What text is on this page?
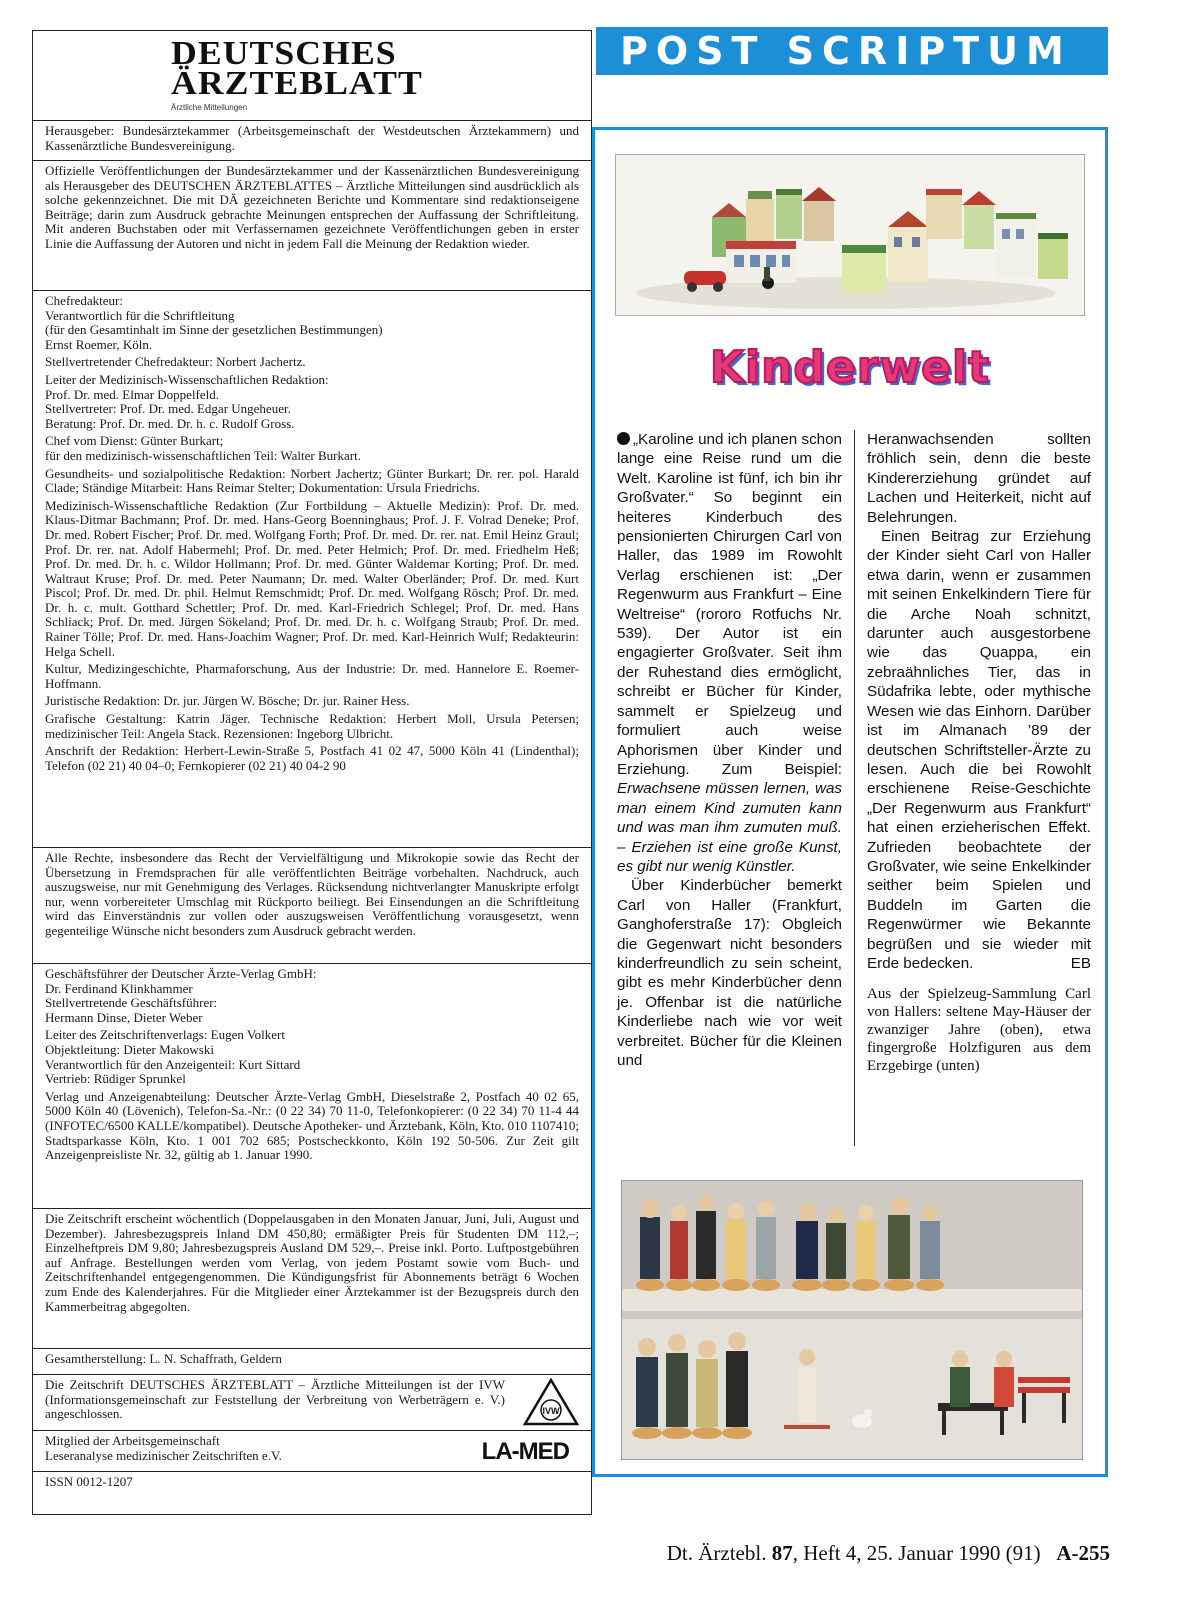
DEUTSCHES
ÄRZTEBLATT
Ärztliche Mitteilungen

Herausgeber: Bundesärztekammer (Arbeitsgemeinschaft der Westdeutschen Ärztekammern) und Kassenärztliche Bundesvereinigung.

Offizielle Veröffentlichungen der Bundesärztekammer und der Kassenärztlichen Bundesvereinigung als Herausgeber des DEUTSCHEN ÄRZTEBLATTES – Ärztliche Mitteilungen sind ausdrücklich als solche gekennzeichnet. Die mit DÄ gezeichneten Berichte und Kommentare sind redaktionseigene Beiträge; darin zum Ausdruck gebrachte Meinungen entsprechen der Auffassung der Schriftleitung. Mit anderen Buchstaben oder mit Verfassernamen gezeichnete Veröffentlichungen geben in erster Linie die Auffassung der Autoren und nicht in jedem Fall die Meinung der Redaktion wieder.

Chefredakteur:
Verantwortlich für die Schriftleitung
(für den Gesamtinhalt im Sinne der gesetzlichen Bestimmungen)
Ernst Roemer, Köln.

Stellvertretender Chefredakteur: Norbert Jachertz.

Leiter der Medizinisch-Wissenschaftlichen Redaktion:
Prof. Dr. med. Elmar Doppelfeld.
Stellvertreter: Prof. Dr. med. Edgar Ungeheuer.
Beratung: Prof. Dr. med. Dr. h. c. Rudolf Gross.

Chef vom Dienst: Günter Burkart;
für den medizinisch-wissenschaftlichen Teil: Walter Burkart.

Gesundheits- und sozialpolitische Redaktion: Norbert Jachertz; Günter Burkart; Dr. rer. pol. Harald Clade; Ständige Mitarbeit: Hans Reimar Stelter; Dokumentation: Ursula Friedrichs.

Medizinisch-Wissenschaftliche Redaktion (Zur Fortbildung – Aktuelle Medizin): Prof. Dr. med. Klaus-Ditmar Bachmann; Prof. Dr. med. Hans-Georg Boenninghaus; Prof. J. F. Volrad Deneke; Prof. Dr. med. Robert Fischer; Prof. Dr. med. Wolfgang Forth; Prof. Dr. med. Dr. rer. nat. Emil Heinz Graul; Prof. Dr. rer. nat. Adolf Habermehl; Prof. Dr. med. Peter Helmich; Prof. Dr. med. Friedhelm Heß; Prof. Dr. med. Dr. h. c. Wildor Hollmann; Prof. Dr. med. Günter Waldemar Korting; Prof. Dr. med. Waltraut Kruse; Prof. Dr. med. Peter Naumann; Dr. med. Walter Oberländer; Prof. Dr. med. Kurt Piscol; Prof. Dr. med. Dr. phil. Helmut Remschmidt; Prof. Dr. med. Wolfgang Rösch; Prof. Dr. med. Dr. h. c. mult. Gotthard Schettler; Prof. Dr. med. Karl-Friedrich Schlegel; Prof. Dr. med. Hans Schliack; Prof. Dr. med. Jürgen Sökeland; Prof. Dr. med. Dr. h. c. Wolfgang Straub; Prof. Dr. med. Rainer Tölle; Prof. Dr. med. Hans-Joachim Wagner; Prof. Dr. med. Karl-Heinrich Wulf; Redakteurin: Helga Schell.

Kultur, Medizingeschichte, Pharmaforschung, Aus der Industrie: Dr. med. Hannelore E. Roemer-Hoffmann.

Juristische Redaktion: Dr. jur. Jürgen W. Bösche; Dr. jur. Rainer Hess.

Grafische Gestaltung: Katrin Jäger. Technische Redaktion: Herbert Moll, Ursula Petersen; medizinischer Teil: Angela Stack. Rezensionen: Ingeborg Ulbricht.

Anschrift der Redaktion: Herbert-Lewin-Straße 5, Postfach 41 02 47, 5000 Köln 41 (Lindenthal); Telefon (02 21) 40 04–0; Fernkopierer (02 21) 40 04-2 90

Alle Rechte, insbesondere das Recht der Vervielfältigung und Mikrokopie sowie das Recht der Übersetzung in Fremdsprachen für alle veröffentlichten Beiträge vorbehalten. Nachdruck, auch auszugsweise, nur mit Genehmigung des Verlages. Rücksendung nichtverlangter Manuskripte erfolgt nur, wenn vorbereiteter Umschlag mit Rückporto beiliegt. Bei Einsendungen an die Schriftleitung wird das Einverständnis zur vollen oder auszugsweisen Veröffentlichung vorausgesetzt, wenn gegenteilige Wünsche nicht besonders zum Ausdruck gebracht werden.

Geschäftsführer der Deutscher Ärzte-Verlag GmbH:
Dr. Ferdinand Klinkhammer
Stellvertretende Geschäftsführer:
Hermann Dinse, Dieter Weber

Leiter des Zeitschriftenverlags: Eugen Volkert
Objektleitung: Dieter Makowski
Verantwortlich für den Anzeigenteil: Kurt Sittard
Vertrieb: Rüdiger Sprunkel

Verlag und Anzeigenabteilung: Deutscher Ärzte-Verlag GmbH, Dieselstraße 2, Postfach 40 02 65, 5000 Köln 40 (Lövenich), Telefon-Sa.-Nr.: (0 22 34) 70 11-0, Telefonkopierer: (0 22 34) 70 11-4 44 (INFOTEC/6500 KALLE/kompatibel). Deutsche Apotheker- und Ärztebank, Köln, Kto. 010 1107410; Stadtsparkasse Köln, Kto. 1 001 702 685; Postscheckkonto, Köln 192 50-506. Zur Zeit gilt Anzeigenpreisliste Nr. 32, gültig ab 1. Januar 1990.

Die Zeitschrift erscheint wöchentlich (Doppelausgaben in den Monaten Januar, Juni, Juli, August und Dezember). Jahresbezugspreis Inland DM 450,80; ermäßigter Preis für Studenten DM 112,–; Einzelheftpreis DM 9,80; Jahresbezugspreis Ausland DM 529,–. Preise inkl. Porto. Luftpostgebühren auf Anfrage. Bestellungen werden vom Verlag, von jedem Postamt sowie vom Buch- und Zeitschriftenhandel entgegengenommen. Die Kündigungsfrist für Abonnements beträgt 6 Wochen zum Ende des Kalenderjahres. Für die Mitglieder einer Ärztekammer ist der Bezugspreis durch den Kammerbeitrag abgegolten.

Gesamtherstellung: L. N. Schaffrath, Geldern

Die Zeitschrift DEUTSCHES ÄRZTEBLATT – Ärztliche Mitteilungen ist der IVW (Informationsgemeinschaft zur Feststellung der Verbreitung von Werbeträgern e. V.) angeschlossen.	IVW

Mitglied der Arbeitsgemeinschaft
Leseranalyse medizinischer Zeitschriften e.V.	LA-MED

ISSN 0012-1207

POST SCRIPTUM
Kinderwelt

„Karoline und ich planen schon lange eine Reise rund um die Welt. Karoline ist fünf, ich bin ihr Großvater.“ So beginnt ein heiteres Kinderbuch des pensionierten Chirurgen Carl von Haller, das 1989 im Rowohlt Verlag erschienen ist: „Der Regenwurm aus Frankfurt – Eine Weltreise“ (rororo Rotfuchs Nr. 539). Der Autor ist ein engagierter Großvater. Seit ihm der Ruhestand dies ermöglicht, schreibt er Bücher für Kinder, sammelt er Spielzeug und formuliert auch weise Aphorismen über Kinder und Erziehung. Zum Beispiel: Erwachsene müssen lernen, was man einem Kind zumuten kann und was man ihm zumuten muß. – Erziehen ist eine große Kunst, es gibt nur wenig Künstler.

Über Kinderbücher bemerkt Carl von Haller (Frankfurt, Ganghoferstraße 17): Obgleich die Gegenwart nicht besonders kinderfreundlich zu sein scheint, gibt es mehr Kinderbücher denn je. Offenbar ist die natürliche Kinderliebe nach wie vor weit verbreitet. Bücher für die Kleinen und

Heranwachsenden sollten fröhlich sein, denn die beste Kindererziehung gründet auf Lachen und Heiterkeit, nicht auf Belehrungen.

Einen Beitrag zur Erziehung der Kinder sieht Carl von Haller etwa darin, wenn er zusammen mit seinen Enkelkindern Tiere für die Arche Noah schnitzt, darunter auch ausgestorbene wie das Quappa, ein zebraähnliches Tier, das in Südafrika lebte, oder mythische Wesen wie das Einhorn. Darüber ist im Almanach ’89 der deutschen Schriftsteller-Ärzte zu lesen. Auch die bei Rowohlt erschienene Reise-Geschichte „Der Regenwurm aus Frankfurt“ hat einen erzieherischen Effekt. Zufrieden beobachtete der Großvater, wie seine Enkelkinder seither beim Spielen und Buddeln im Garten die Regenwürmer wie Bekannte begrüßen und sie wieder mit Erde bedecken.	EB

Aus der Spielzeug-Sammlung Carl von Hallers: seltene May-Häuser der zwanziger Jahre (oben), etwa fingergroße Holzfiguren aus dem Erzgebirge (unten)

Dt. Ärztebl. 87, Heft 4, 25. Januar 1990 (91) A-255
